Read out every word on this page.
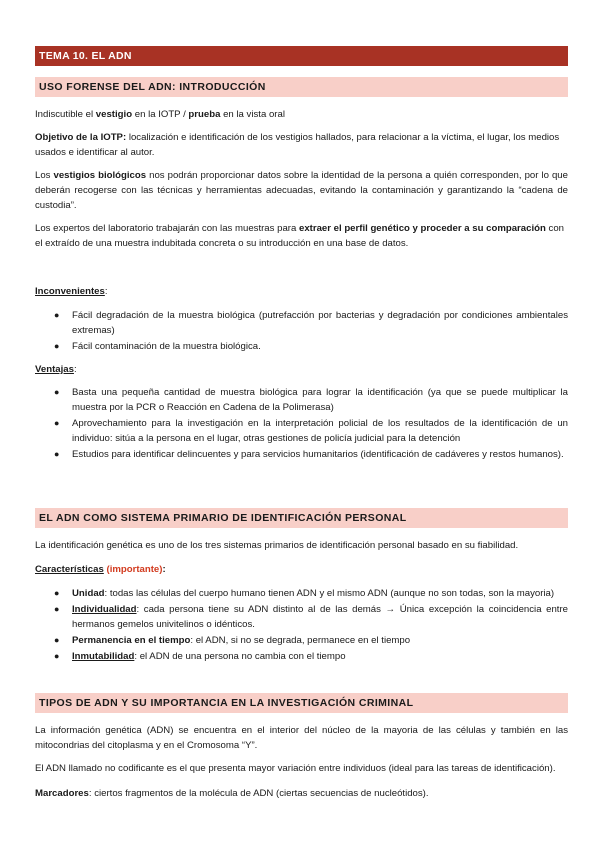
TEMA 10. EL ADN
USO FORENSE DEL ADN: INTRODUCCIÓN

Indiscutible el vestigio en la IOTP / prueba en la vista oral

Objetivo de la IOTP: localización e identificación de los vestigios hallados, para relacionar a la víctima, el lugar, los medios usados e identificar al autor.

Los vestigios biológicos nos podrán proporcionar datos sobre la identidad de la persona a quién corresponden, por lo que deberán recogerse con las técnicas y herramientas adecuadas, evitando la contaminación y garantizando la “cadena de custodia”.

Los expertos del laboratorio trabajarán con las muestras para extraer el perfil genético y proceder a su comparación con el extraído de una muestra indubitada concreta o su introducción en una base de datos.

Inconvenientes:

● Fácil degradación de la muestra biológica (putrefacción por bacterias y degradación por condiciones ambientales extremas)
● Fácil contaminación de la muestra biológica.

Ventajas:

● Basta una pequeña cantidad de muestra biológica para lograr la identificación (ya que se puede multiplicar la muestra por la PCR o Reacción en Cadena de la Polimerasa)
● Aprovechamiento para la investigación en la interpretación policial de los resultados de la identificación de un individuo: sitúa a la persona en el lugar, otras gestiones de policía judicial para la detención
● Estudios para identificar delincuentes y para servicios humanitarios (identificación de cadáveres y restos humanos).
EL ADN COMO SISTEMA PRIMARIO DE IDENTIFICACIÓN PERSONAL

La identificación genética es uno de los tres sistemas primarios de identificación personal basado en su fiabilidad.

Características (importante):

● Unidad: todas las células del cuerpo humano tienen ADN y el mismo ADN (aunque no son todas, son la mayoria)
● Individualidad: cada persona tiene su ADN distinto al de las demás → Única excepción la coincidencia entre hermanos gemelos univitelinos o idénticos.
● Permanencia en el tiempo: el ADN, si no se degrada, permanece en el tiempo
● Inmutabilidad: el ADN de una persona no cambia con el tiempo
TIPOS DE ADN Y SU IMPORTANCIA EN LA INVESTIGACIÓN CRIMINAL

La información genética (ADN) se encuentra en el interior del núcleo de la mayoria de las células y también en las mitocondrias del citoplasma y en el Cromosoma “Y”.

El ADN llamado no codificante es el que presenta mayor variación entre individuos (ideal para las tareas de identificación).

Marcadores: ciertos fragmentos de la molécula de ADN (ciertas secuencias de nucleótidos).
